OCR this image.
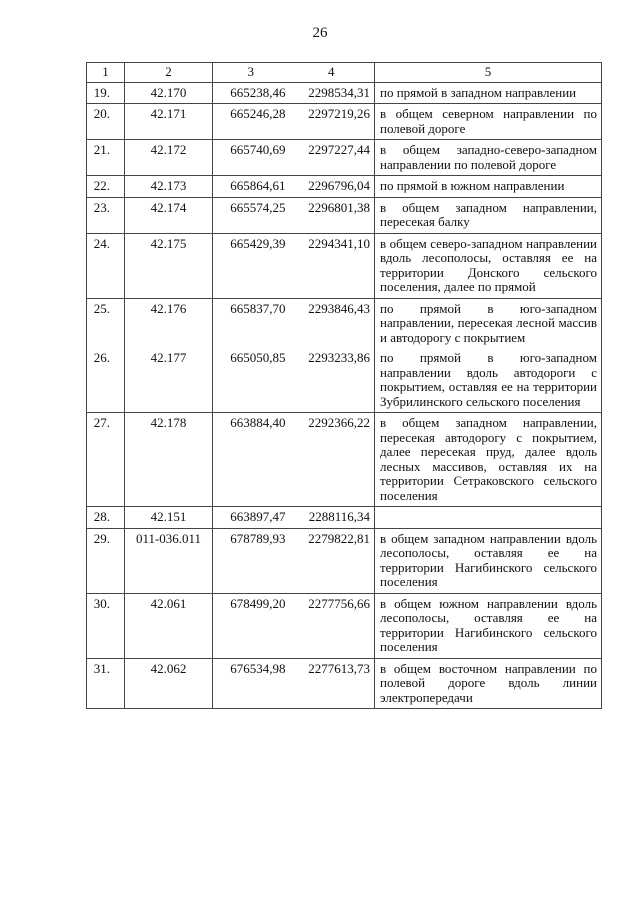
26
1	2	3	4	5
19.	42.170	665238,46	2298534,31	по прямой в западном направлении
20.	42.171	665246,28	2297219,26	в общем северном направлении по полевой дороге
21.	42.172	665740,69	2297227,44	в общем западно-северо-западном направлении по полевой дороге
22.	42.173	665864,61	2296796,04	по прямой в южном направлении
23.	42.174	665574,25	2296801,38	в общем западном направлении, пересекая балку
24.	42.175	665429,39	2294341,10	в общем северо-западном направлении вдоль лесополосы, оставляя ее на территории Донского сельского поселения, далее по прямой
25.	42.176	665837,70	2293846,43	по прямой в юго-западном направлении, пересекая лесной массив и автодорогу с покрытием
26.	42.177	665050,85	2293233,86	по прямой в юго-западном направлении вдоль автодороги с покрытием, оставляя ее на территории Зубрилинского сельского поселения
27.	42.178	663884,40	2292366,22	в общем западном направлении, пересекая автодорогу с покрытием, далее пересекая пруд, далее вдоль лесных массивов, оставляя их на территории Сетраковского сельского поселения
28.	42.151	663897,47	2288116,34	
29.	011-036.011	678789,93	2279822,81	в общем западном направлении вдоль лесополосы, оставляя ее на территории Нагибинского сельского поселения
30.	42.061	678499,20	2277756,66	в общем южном направлении вдоль лесополосы, оставляя ее на территории Нагибинского сельского поселения
31.	42.062	676534,98	2277613,73	в общем восточном направлении по полевой дороге вдоль линии электропередачи
